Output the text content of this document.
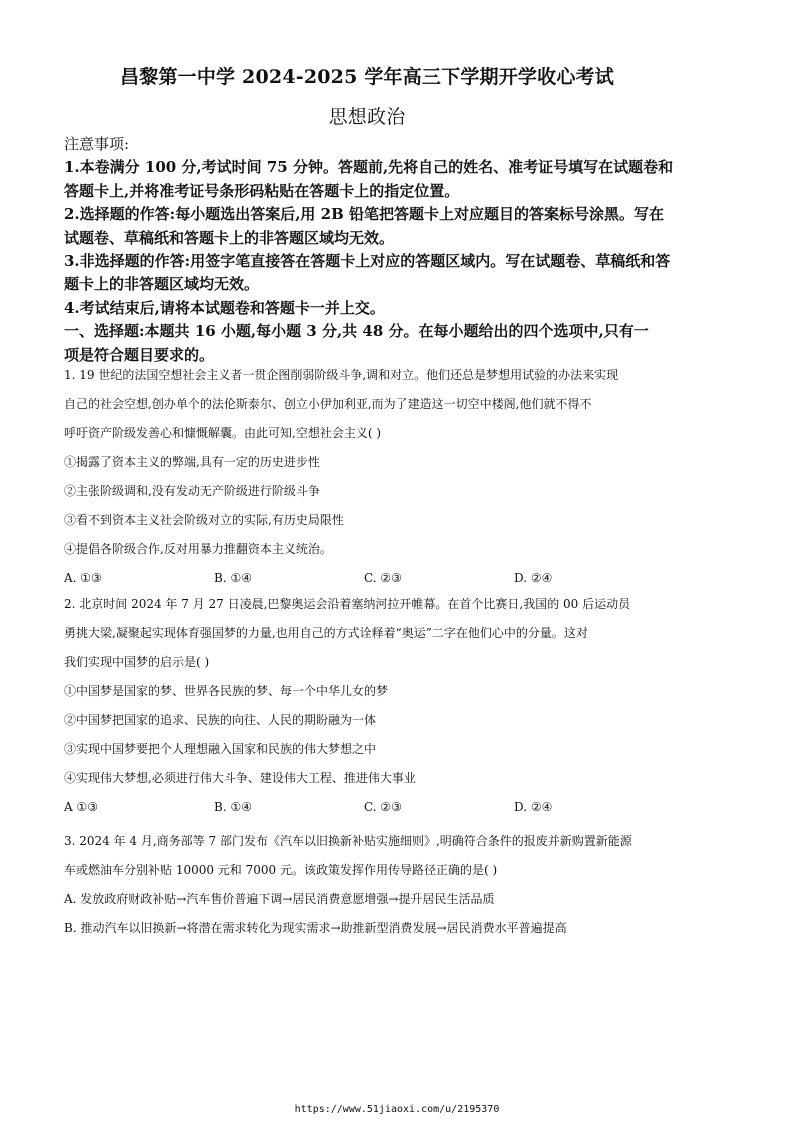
昌黎第一中学 2024-2025 学年高三下学期开学收心考试
思想政治
注意事项:
1.本卷满分 100 分,考试时间 75 分钟。答题前,先将自己的姓名、准考证号填写在试题卷和
答题卡上,并将准考证号条形码粘贴在答题卡上的指定位置。
2.选择题的作答:每小题选出答案后,用 2B 铅笔把答题卡上对应题目的答案标号涂黑。写在
试题卷、草稿纸和答题卡上的非答题区域均无效。
3.非选择题的作答:用签字笔直接答在答题卡上对应的答题区域内。写在试题卷、草稿纸和答
题卡上的非答题区域均无效。
4.考试结束后,请将本试题卷和答题卡一并上交。
一、选择题:本题共 16 小题,每小题 3 分,共 48 分。在每小题给出的四个选项中,只有一
项是符合题目要求的。
1. 19 世纪的法国空想社会主义者一贯企图削弱阶级斗争,调和对立。他们还总是梦想用试验的办法来实现
自己的社会空想,创办单个的法伦斯泰尔、创立小伊加利亚,而为了建造这一切空中楼阁,他们就不得不
呼吁资产阶级发善心和慷慨解囊。由此可知,空想社会主义( )
①揭露了资本主义的弊端,具有一定的历史进步性
②主张阶级调和,没有发动无产阶级进行阶级斗争
③看不到资本主义社会阶级对立的实际,有历史局限性
④提倡各阶级合作,反对用暴力推翻资本主义统治。
A. ①③	B. ①④	C. ②③	D. ②④
2. 北京时间 2024 年 7 月 27 日凌晨,巴黎奥运会沿着塞纳河拉开帷幕。在首个比赛日,我国的 00 后运动员
勇挑大梁,凝聚起实现体育强国梦的力量,也用自己的方式诠释着“奥运”二字在他们心中的分量。这对
我们实现中国梦的启示是( )
①中国梦是国家的梦、世界各民族的梦、每一个中华儿女的梦
②中国梦把国家的追求、民族的向往、人民的期盼融为一体
③实现中国梦要把个人理想融入国家和民族的伟大梦想之中
④实现伟大梦想,必须进行伟大斗争、建设伟大工程、推进伟大事业
A ①③	B. ①④	C. ②③	D. ②④
3. 2024 年 4 月,商务部等 7 部门发布《汽车以旧换新补贴实施细则》,明确符合条件的报废并新购置新能源
车或燃油车分别补贴 10000 元和 7000 元。该政策发挥作用传导路径正确的是( )
A. 发放政府财政补贴→汽车售价普遍下调→居民消费意愿增强→提升居民生活品质
B. 推动汽车以旧换新→将潜在需求转化为现实需求→助推新型消费发展→居民消费水平普遍提高
https://www.51jiaoxi.com/u/2195370
